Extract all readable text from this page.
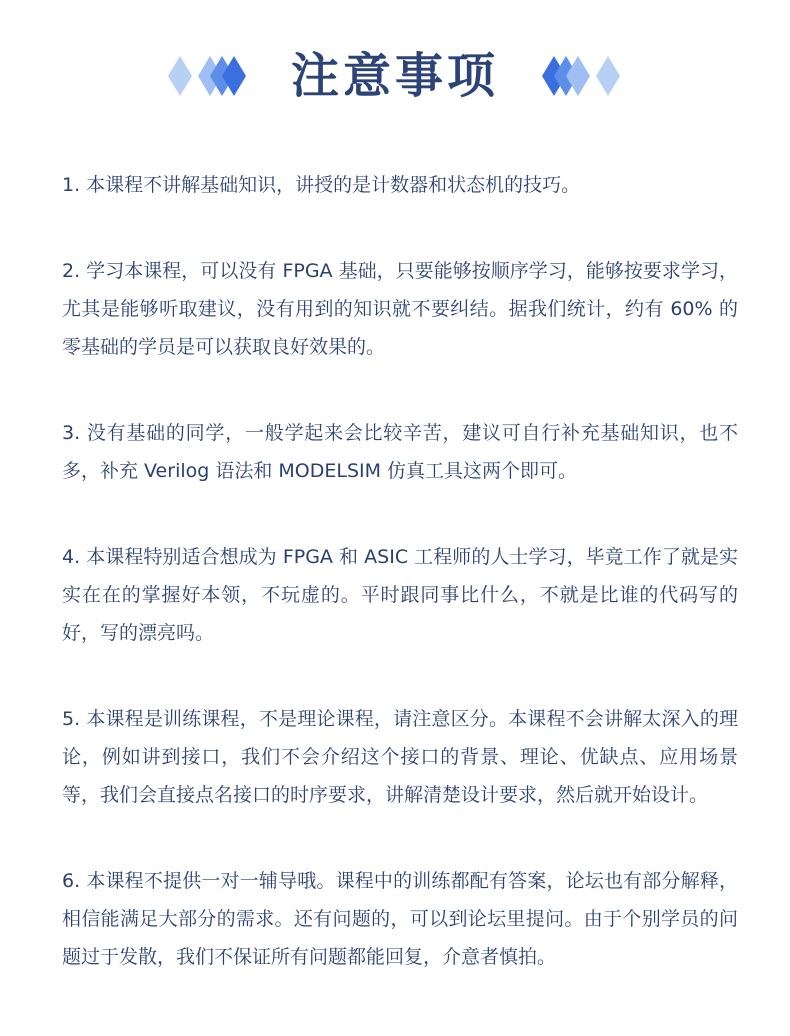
注意事项

1. 本课程不讲解基础知识，讲授的是计数器和状态机的技巧。

2. 学习本课程，可以没有 FPGA 基础，只要能够按顺序学习，能够按要求学习，尤其是能够听取建议，没有用到的知识就不要纠结。据我们统计，约有 60% 的零基础的学员是可以获取良好效果的。

3. 没有基础的同学，一般学起来会比较辛苦，建议可自行补充基础知识，也不多，补充 Verilog 语法和 MODELSIM 仿真工具这两个即可。

4. 本课程特别适合想成为 FPGA 和 ASIC 工程师的人士学习，毕竟工作了就是实实在在的掌握好本领，不玩虚的。平时跟同事比什么，不就是比谁的代码写的好，写的漂亮吗。

5. 本课程是训练课程，不是理论课程，请注意区分。本课程不会讲解太深入的理论，例如讲到接口，我们不会介绍这个接口的背景、理论、优缺点、应用场景等，我们会直接点名接口的时序要求，讲解清楚设计要求，然后就开始设计。

6. 本课程不提供一对一辅导哦。课程中的训练都配有答案，论坛也有部分解释，相信能满足大部分的需求。还有问题的，可以到论坛里提问。由于个别学员的问题过于发散，我们不保证所有问题都能回复，介意者慎拍。
